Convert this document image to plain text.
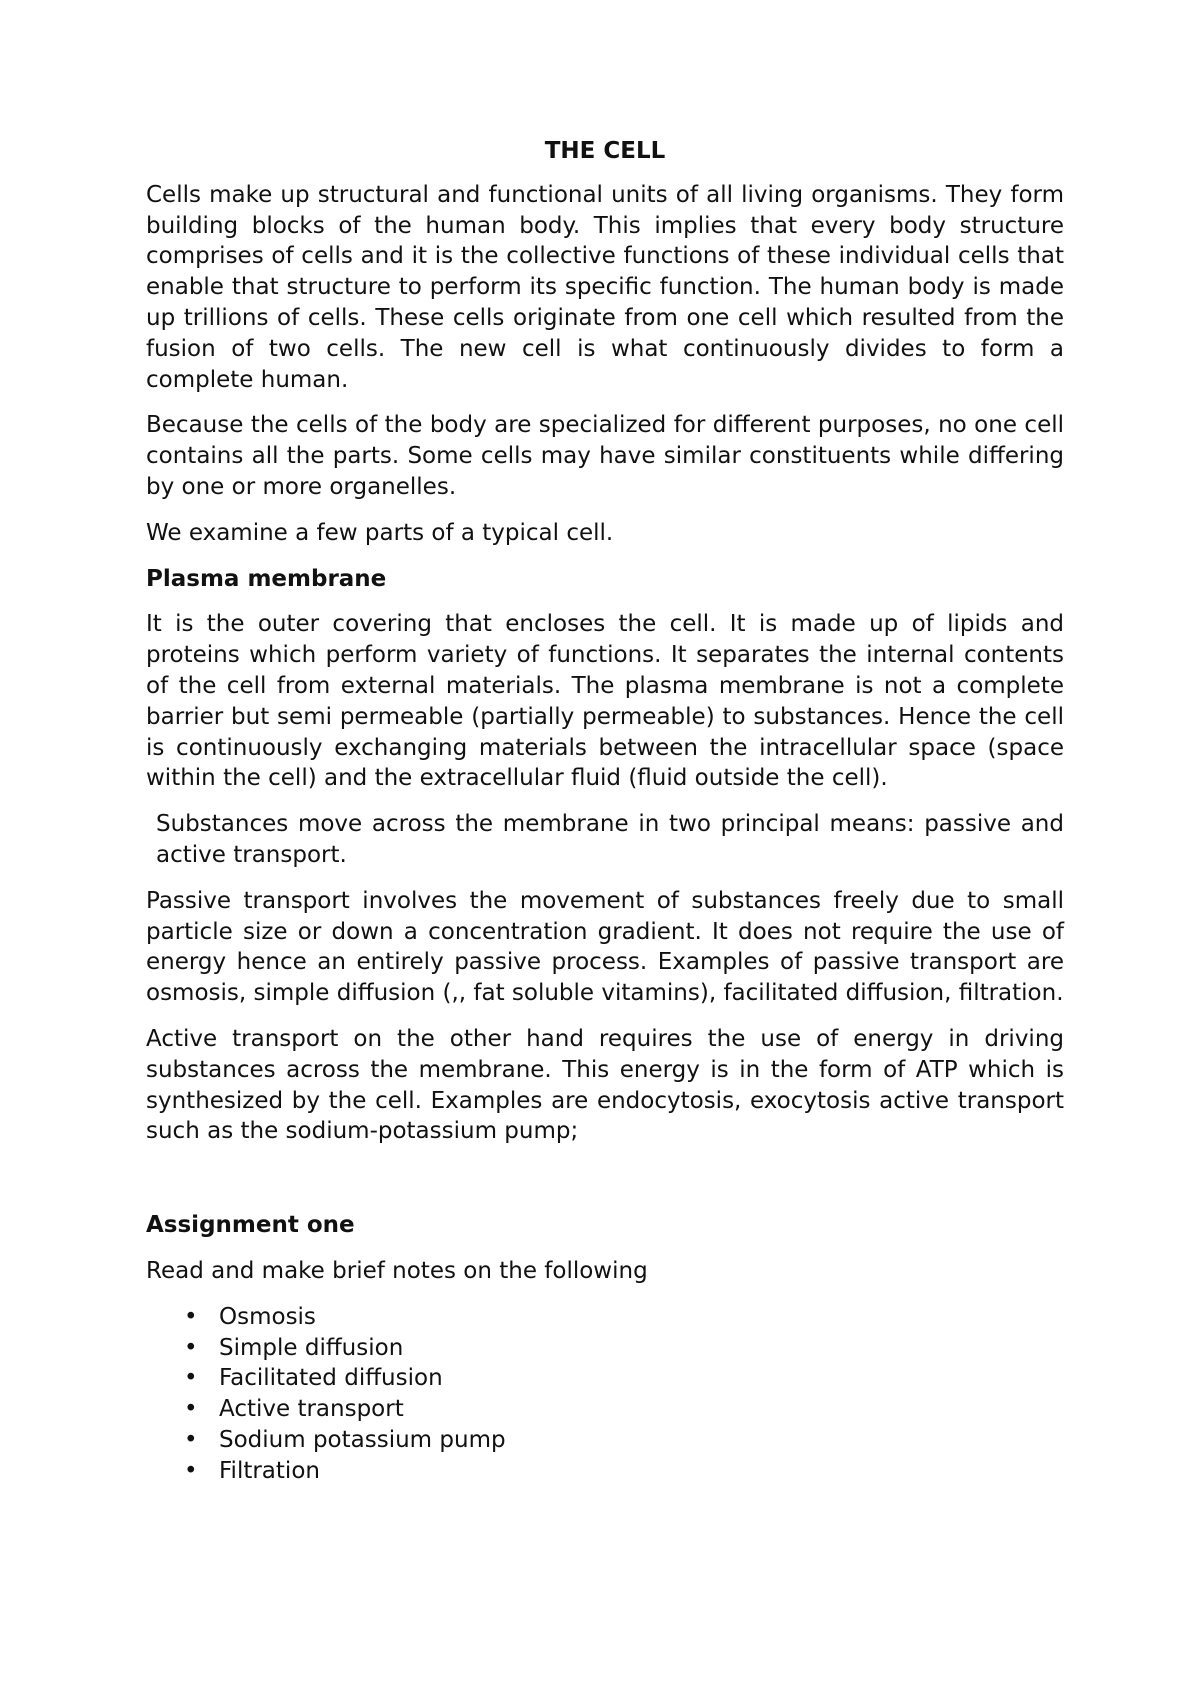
THE CELL

Cells make up structural and functional units of all living organisms. They form building blocks of the human body. This implies that every body structure comprises of cells and it is the collective functions of these individual cells that enable that structure to perform its specific function. The human body is made up trillions of cells. These cells originate from one cell which resulted from the fusion of two cells. The new cell is what continuously divides to form a complete human.

Because the cells of the body are specialized for different purposes, no one cell contains all the parts. Some cells may have similar constituents while differing by one or more organelles.

We examine a few parts of a typical cell.

Plasma membrane

It is the outer covering that encloses the cell. It is made up of lipids and proteins which perform variety of functions. It separates the internal contents of the cell from external materials. The plasma membrane is not a complete barrier but semi permeable (partially permeable) to substances. Hence the cell is continuously exchanging materials between the intracellular space (space within the cell) and the extracellular fluid (fluid outside the cell).

Substances move across the membrane in two principal means: passive and active transport.

Passive transport involves the movement of substances freely due to small particle size or down a concentration gradient. It does not require the use of energy hence an entirely passive process. Examples of passive transport are osmosis, simple diffusion (,, fat soluble vitamins), facilitated diffusion, filtration.

Active transport on the other hand requires the use of energy in driving substances across the membrane. This energy is in the form of ATP which is synthesized by the cell. Examples are endocytosis, exocytosis active transport such as the sodium-potassium pump;

Assignment one

Read and make brief notes on the following

• Osmosis
• Simple diffusion
• Facilitated diffusion
• Active transport
• Sodium potassium pump
• Filtration
